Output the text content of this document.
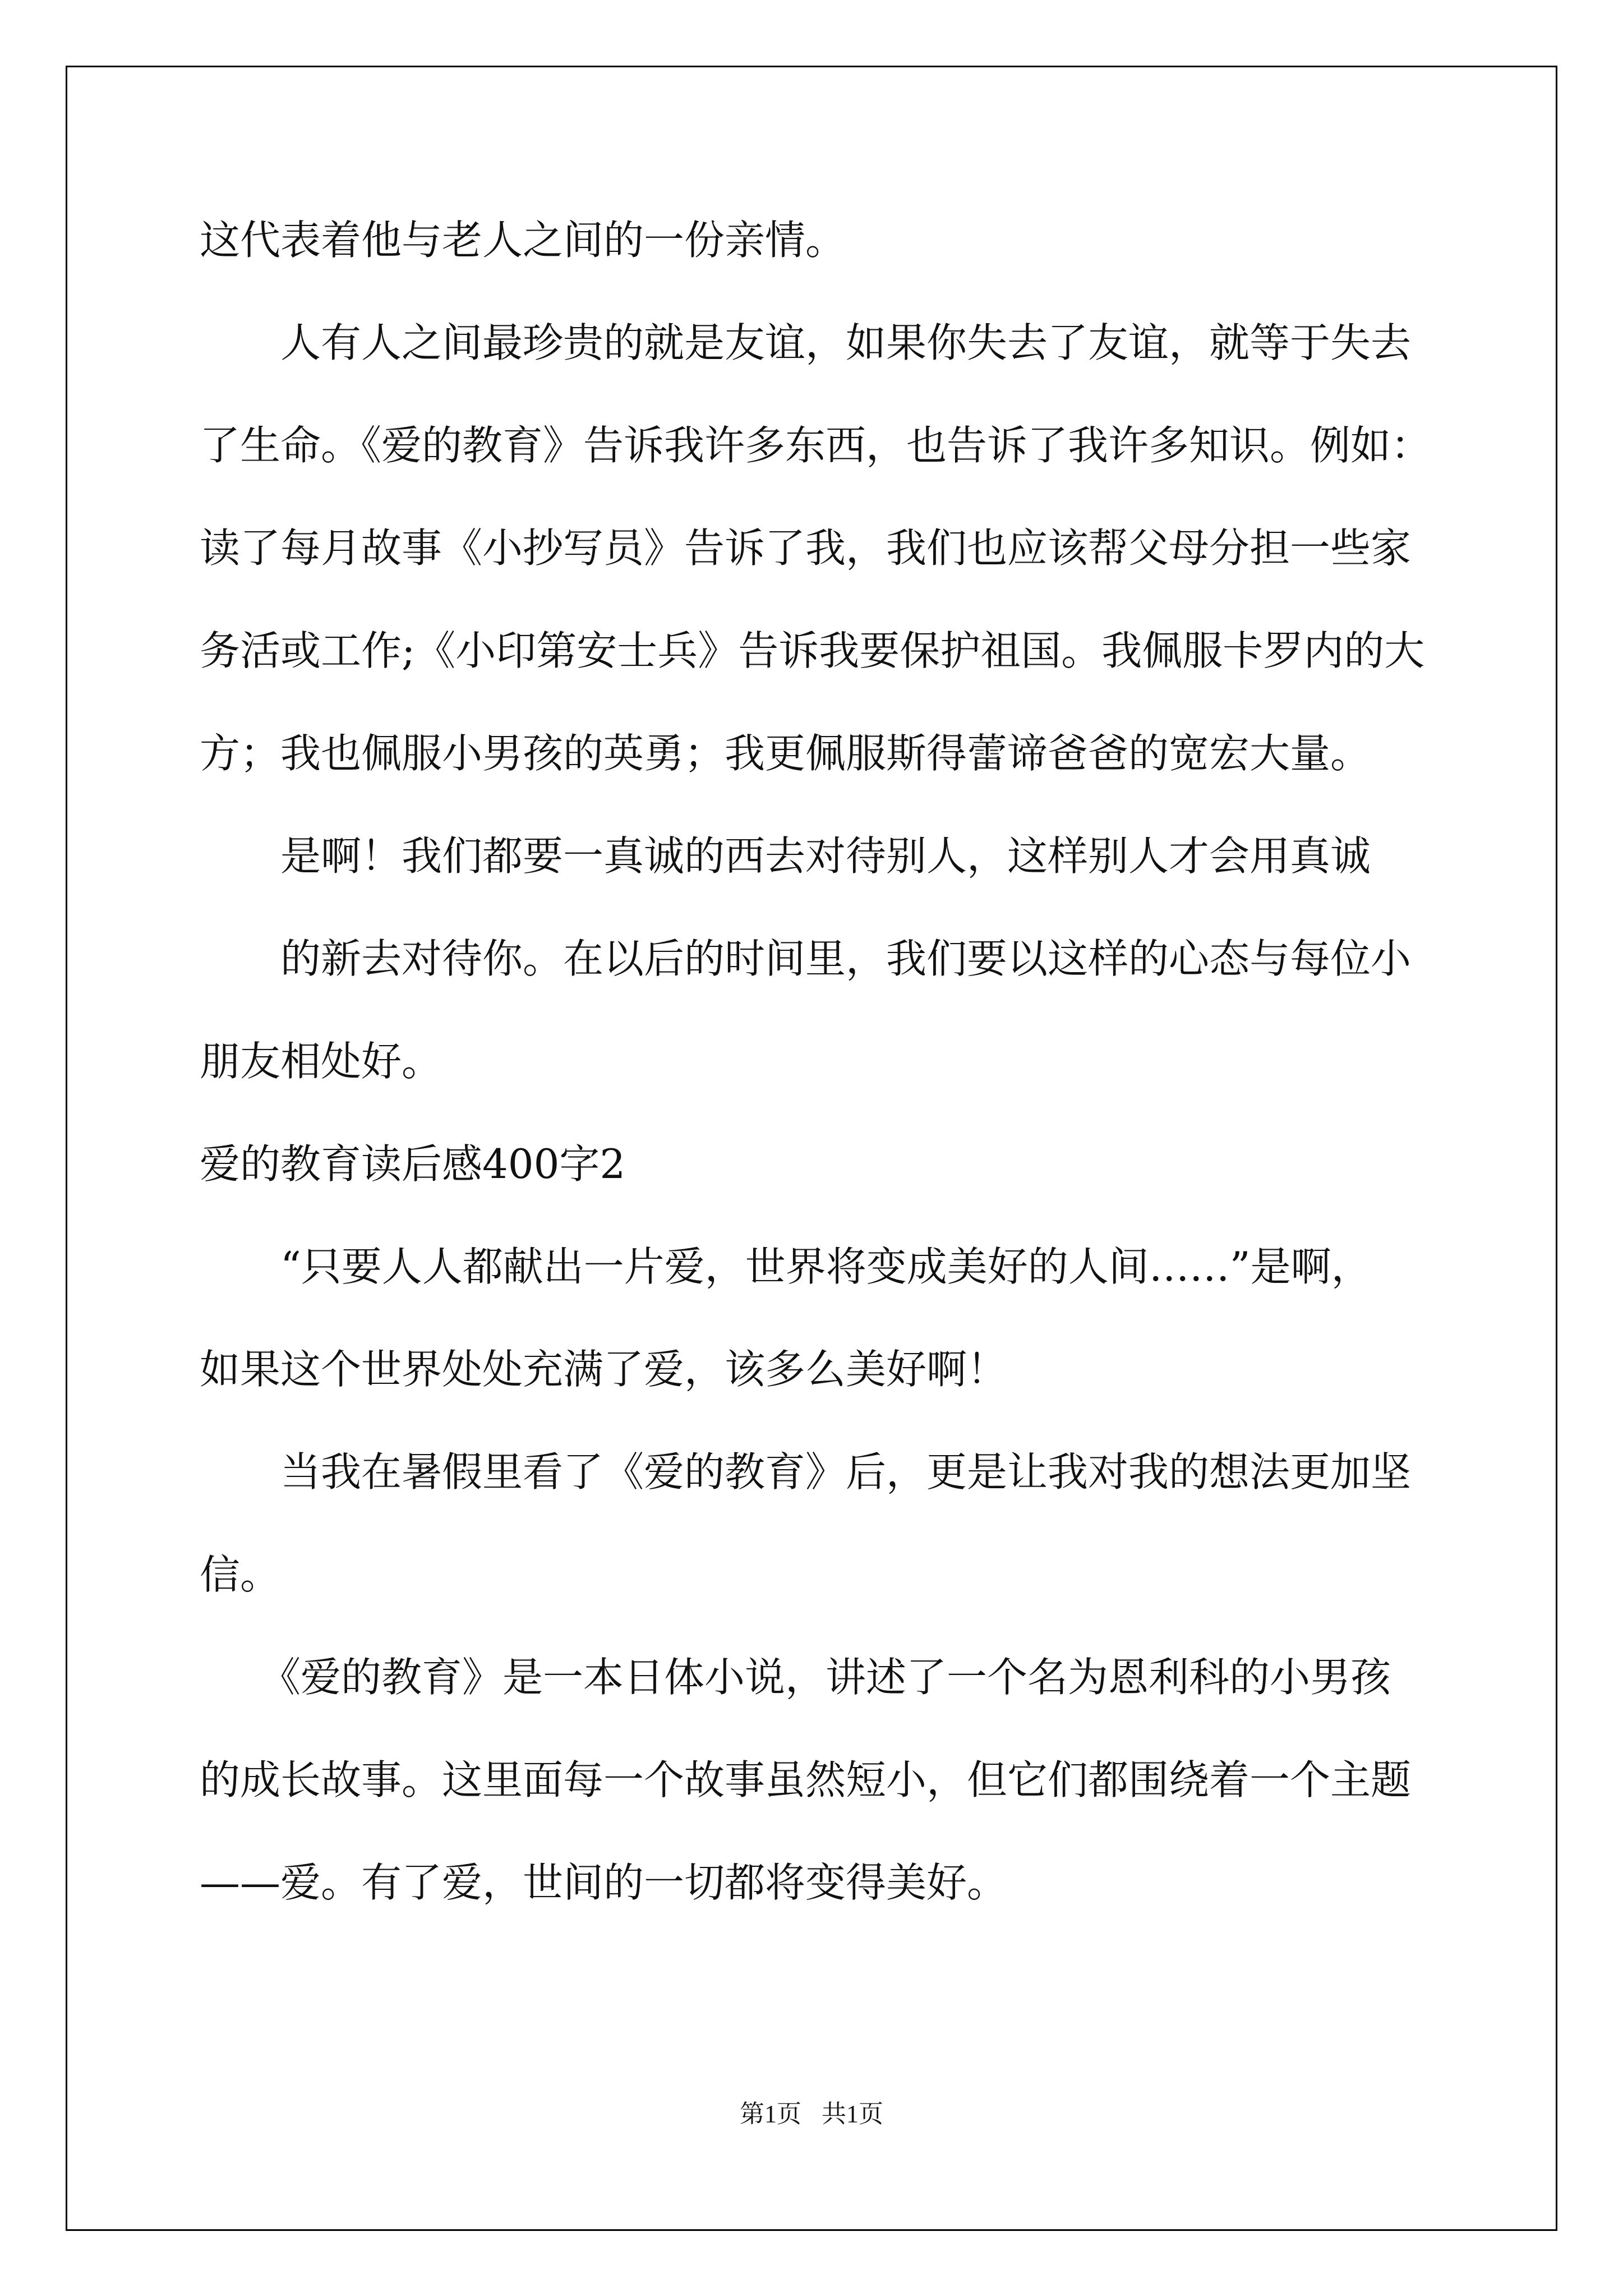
这代表着他与老人之间的一份亲情。

　　人有人之间最珍贵的就是友谊，如果你失去了友谊，就等于失去

了生命。《爱的教育》告诉我许多东西，也告诉了我许多知识。例如：

读了每月故事《小抄写员》告诉了我，我们也应该帮父母分担一些家

务活或工作;《小印第安士兵》告诉我要保护祖国。我佩服卡罗内的大

方；我也佩服小男孩的英勇；我更佩服斯得蕾谛爸爸的宽宏大量。

　　是啊！我们都要一真诚的西去对待别人，这样别人才会用真诚

　　的新去对待你。在以后的时间里，我们要以这样的心态与每位小

朋友相处好。

爱的教育读后感400字2

　　“只要人人都献出一片爱，世界将变成美好的人间……”是啊，

如果这个世界处处充满了爱，该多么美好啊！

　　当我在暑假里看了《爱的教育》后，更是让我对我的想法更加坚

信。

　　《爱的教育》是一本日体小说，讲述了一个名为恩利科的小男孩

的成长故事。这里面每一个故事虽然短小，但它们都围绕着一个主题

——爱。有了爱，世间的一切都将变得美好。

第1页 共1页
